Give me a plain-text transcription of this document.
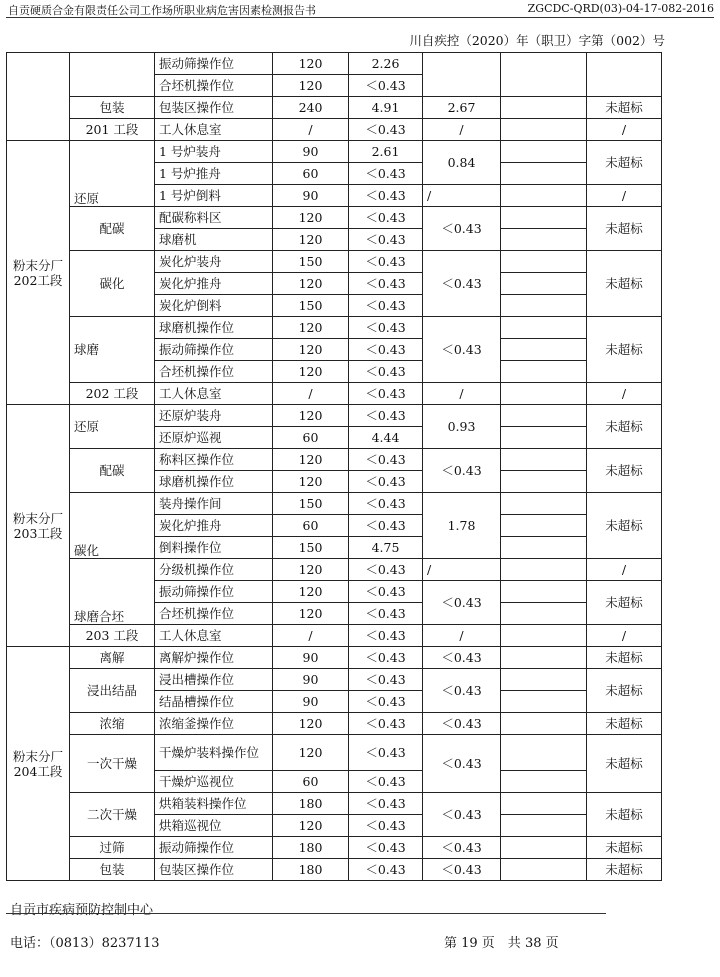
自贡硬质合金有限责任公司工作场所职业病危害因素检测报告书	ZGCDC-QRD(03)-04-17-082-2016
川自疾控（2020）年（职卫）字第（002）号
		振动筛操作位	120	2.26			
		合坯机操作位	120	＜0.43			
	包装	包装区操作位	240	4.91	2.67		未超标
	201 工段	工人休息室	/	＜0.43	/		/
粉末分厂202工段	还原	1 号炉装舟	90	2.61	0.84		未超标
		1 号炉推舟	60	＜0.43			
		1 号炉倒料	90	＜0.43	/		/
	配碳	配碳称料区	120	＜0.43	＜0.43		未超标
		球磨机	120	＜0.43			
	碳化	炭化炉装舟	150	＜0.43	＜0.43		未超标
		炭化炉推舟	120	＜0.43			
		炭化炉倒料	150	＜0.43			
	球磨	球磨机操作位	120	＜0.43	＜0.43		未超标
		振动筛操作位	120	＜0.43			
		合坯机操作位	120	＜0.43			
	202 工段	工人休息室	/	＜0.43	/		/
粉末分厂203工段	还原	还原炉装舟	120	＜0.43	0.93		未超标
		还原炉巡视	60	4.44			
	配碳	称料区操作位	120	＜0.43	＜0.43		未超标
		球磨机操作位	120	＜0.43			
	碳化	装舟操作间	150	＜0.43	1.78		未超标
		炭化炉推舟	60	＜0.43			
		倒料操作位	150	4.75			
	球磨合坯	分级机操作位	120	＜0.43	/		/
		振动筛操作位	120	＜0.43	＜0.43		未超标
		合坯机操作位	120	＜0.43			
	203 工段	工人休息室	/	＜0.43	/		/
粉末分厂204工段	离解	离解炉操作位	90	＜0.43	＜0.43		未超标
	浸出结晶	浸出槽操作位	90	＜0.43	＜0.43		未超标
		结晶槽操作位	90	＜0.43			
	浓缩	浓缩釜操作位	120	＜0.43	＜0.43		未超标
	一次干燥	干燥炉装料操作位	120	＜0.43	＜0.43		未超标
		干燥炉巡视位	60	＜0.43			
	二次干燥	烘箱装料操作位	180	＜0.43	＜0.43		未超标
		烘箱巡视位	120	＜0.43			
	过筛	振动筛操作位	180	＜0.43	＜0.43		未超标
	包装	包装区操作位	180	＜0.43	＜0.43		未超标
自贡市疾病预防控制中心
电话：（0813）8237113	第 19 页　共 38 页
